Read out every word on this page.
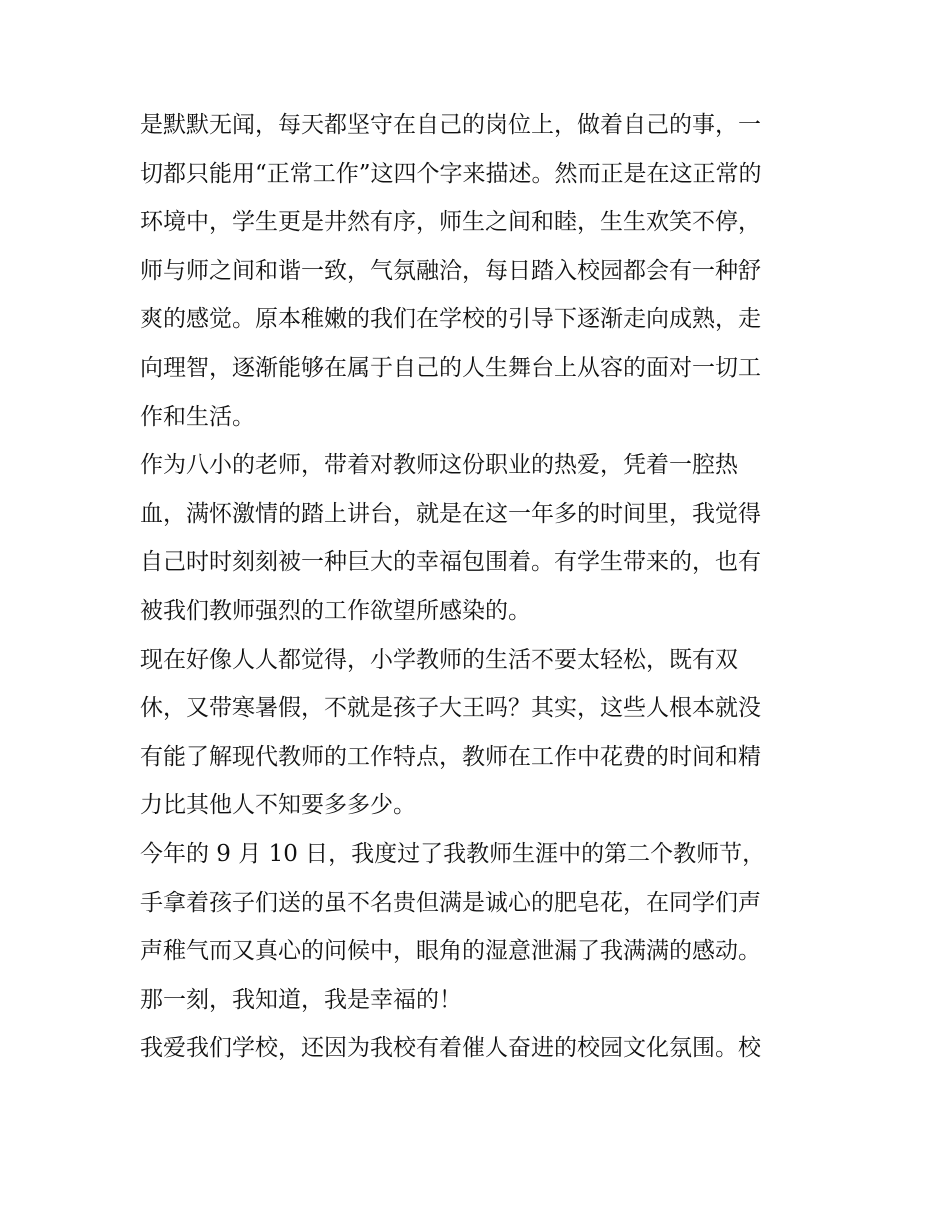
是默默无闻，每天都坚守在自己的岗位上，做着自己的事，一
切都只能用“正常工作”这四个字来描述。然而正是在这正常的
环境中，学生更是井然有序，师生之间和睦，生生欢笑不停，
师与师之间和谐一致，气氛融洽，每日踏入校园都会有一种舒
爽的感觉。原本稚嫩的我们在学校的引导下逐渐走向成熟，走
向理智，逐渐能够在属于自己的人生舞台上从容的面对一切工
作和生活。
作为八小的老师，带着对教师这份职业的热爱，凭着一腔热
血，满怀激情的踏上讲台，就是在这一年多的时间里，我觉得
自己时时刻刻被一种巨大的幸福包围着。有学生带来的，也有
被我们教师强烈的工作欲望所感染的。
现在好像人人都觉得，小学教师的生活不要太轻松，既有双
休，又带寒暑假，不就是孩子大王吗？其实，这些人根本就没
有能了解现代教师的工作特点，教师在工作中花费的时间和精
力比其他人不知要多多少。
今年的 9 月 10 日，我度过了我教师生涯中的第二个教师节，
手拿着孩子们送的虽不名贵但满是诚心的肥皂花，在同学们声
声稚气而又真心的问候中，眼角的湿意泄漏了我满满的感动。
那一刻，我知道，我是幸福的！
我爱我们学校，还因为我校有着催人奋进的校园文化氛围。校
